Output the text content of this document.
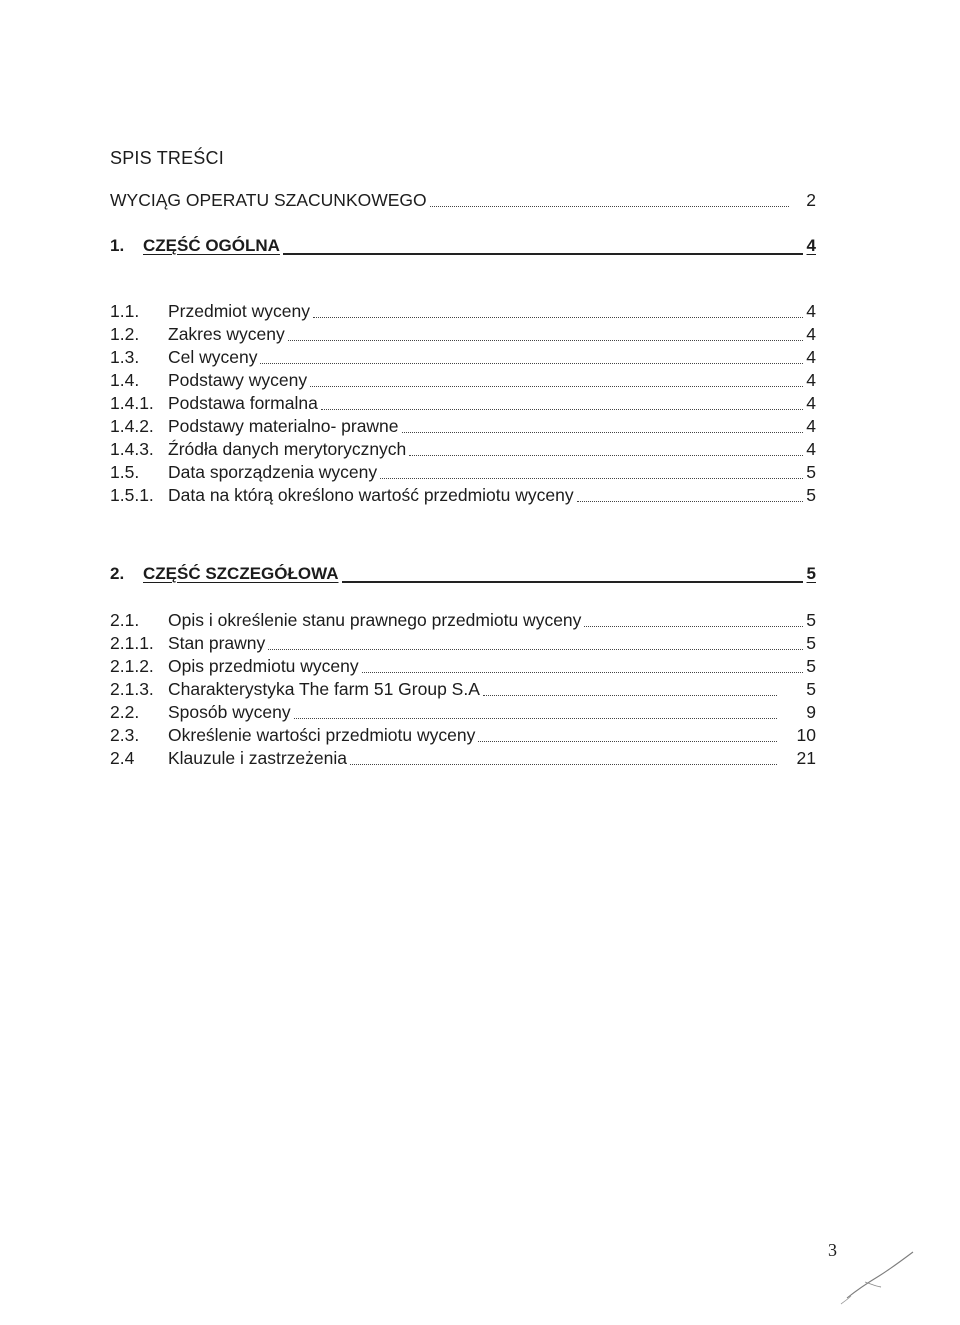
SPIS TREŚCI
WYCIĄG OPERATU SZACUNKOWEGO	2
1.	CZĘŚĆ OGÓLNA	4
1.1.	Przedmiot wyceny	4
1.2.	Zakres wyceny	4
1.3.	Cel wyceny	4
1.4.	Podstawy wyceny	4
1.4.1. Podstawa formalna	4
1.4.2. Podstawy materialno- prawne	4
1.4.3. Źródła danych merytorycznych	4
1.5.	Data sporządzenia wyceny	5
1.5.1. Data na którą określono wartość przedmiotu wyceny	5
2.	CZĘŚĆ SZCZEGÓŁOWA	5
2.1.	Opis i określenie stanu prawnego przedmiotu wyceny	5
2.1.1. Stan prawny	5
2.1.2. Opis przedmiotu wyceny	5
2.1.3. Charakterystyka The farm 51 Group S.A	5
2.2.	Sposób wyceny	9
2.3.	Określenie wartości przedmiotu wyceny	10
2.4	Klauzule i zastrzeżenia	21
3
